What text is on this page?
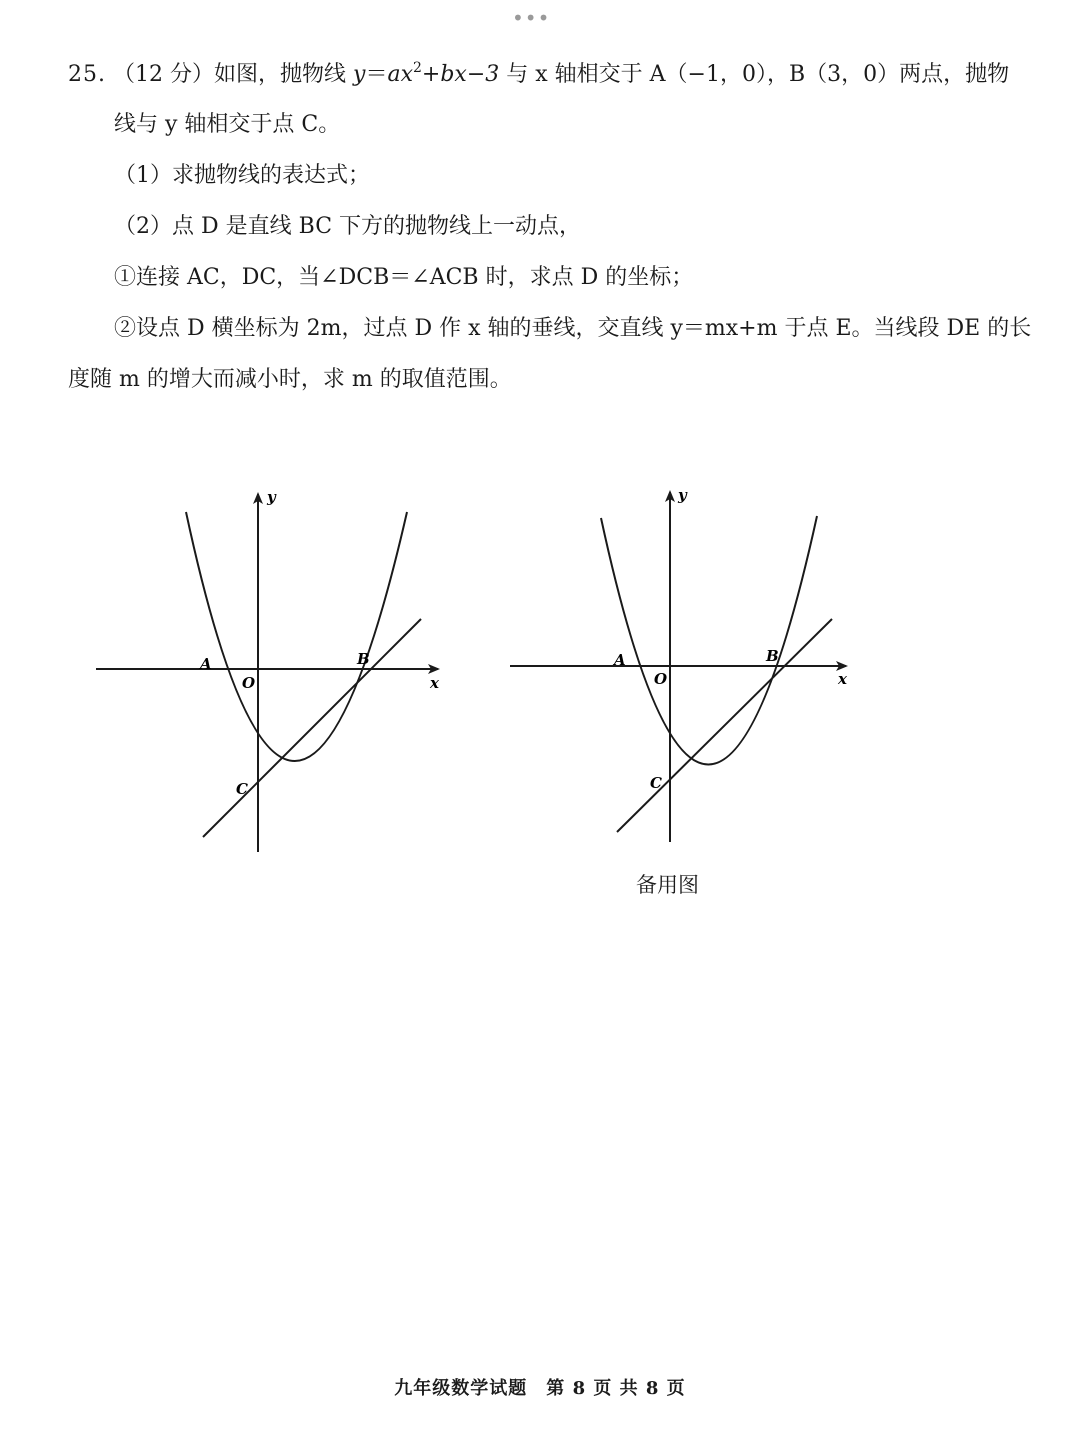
•••
25. （12 分）如图，抛物线 $y=ax^2+bx-3$ 与 x 轴相交于 A（−1，0），B（3，0）两点，抛物
线与 y 轴相交于点 C。
（1）求抛物线的表达式；
（2）点 D 是直线 BC 下方的抛物线上一动点，
①连接 AC，DC，当∠DCB＝∠ACB 时，求点 D 的坐标；
②设点 D 横坐标为 2m，过点 D 作 x 轴的垂线，交直线 y＝mx+m 于点 E。当线段 DE 的长
度随 m 的增大而减小时，求 m 的取值范围。
y
x
A	B
O
C
y
x
A	B
O
C
备用图
九年级数学试题　第 8 页 共 8 页
